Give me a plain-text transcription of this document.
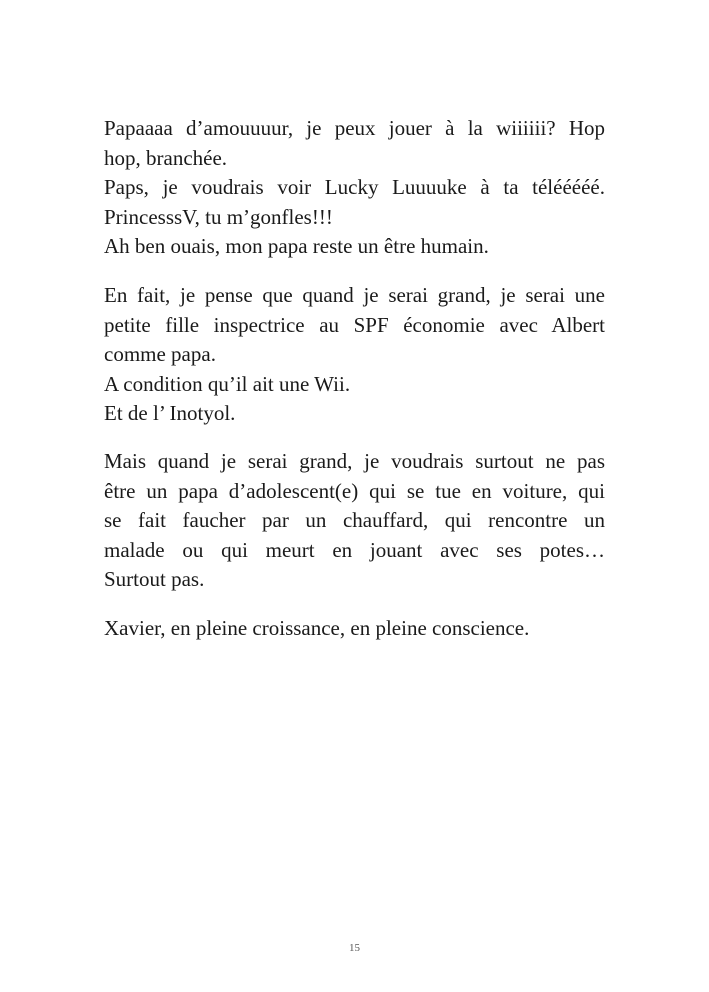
Papaaaa d’amouuuur, je peux jouer à la wiiiiii? Hop
hop, branchée.
Paps, je voudrais voir Lucky Luuuuke à ta télééééé.
PrincesssV, tu m’gonfles!!!
Ah ben ouais, mon papa reste un être humain.
En fait, je pense que quand je serai grand, je serai une
petite fille inspectrice au SPF économie avec Albert
comme papa.
A condition qu’il ait une Wii.
Et de l’ Inotyol.
Mais quand je serai grand, je voudrais surtout ne pas
être un papa d’adolescent(e) qui se tue en voiture, qui
se fait faucher par un chauffard, qui rencontre un
malade ou qui meurt en jouant avec ses potes…
Surtout pas.
Xavier, en pleine croissance, en pleine conscience.
15
